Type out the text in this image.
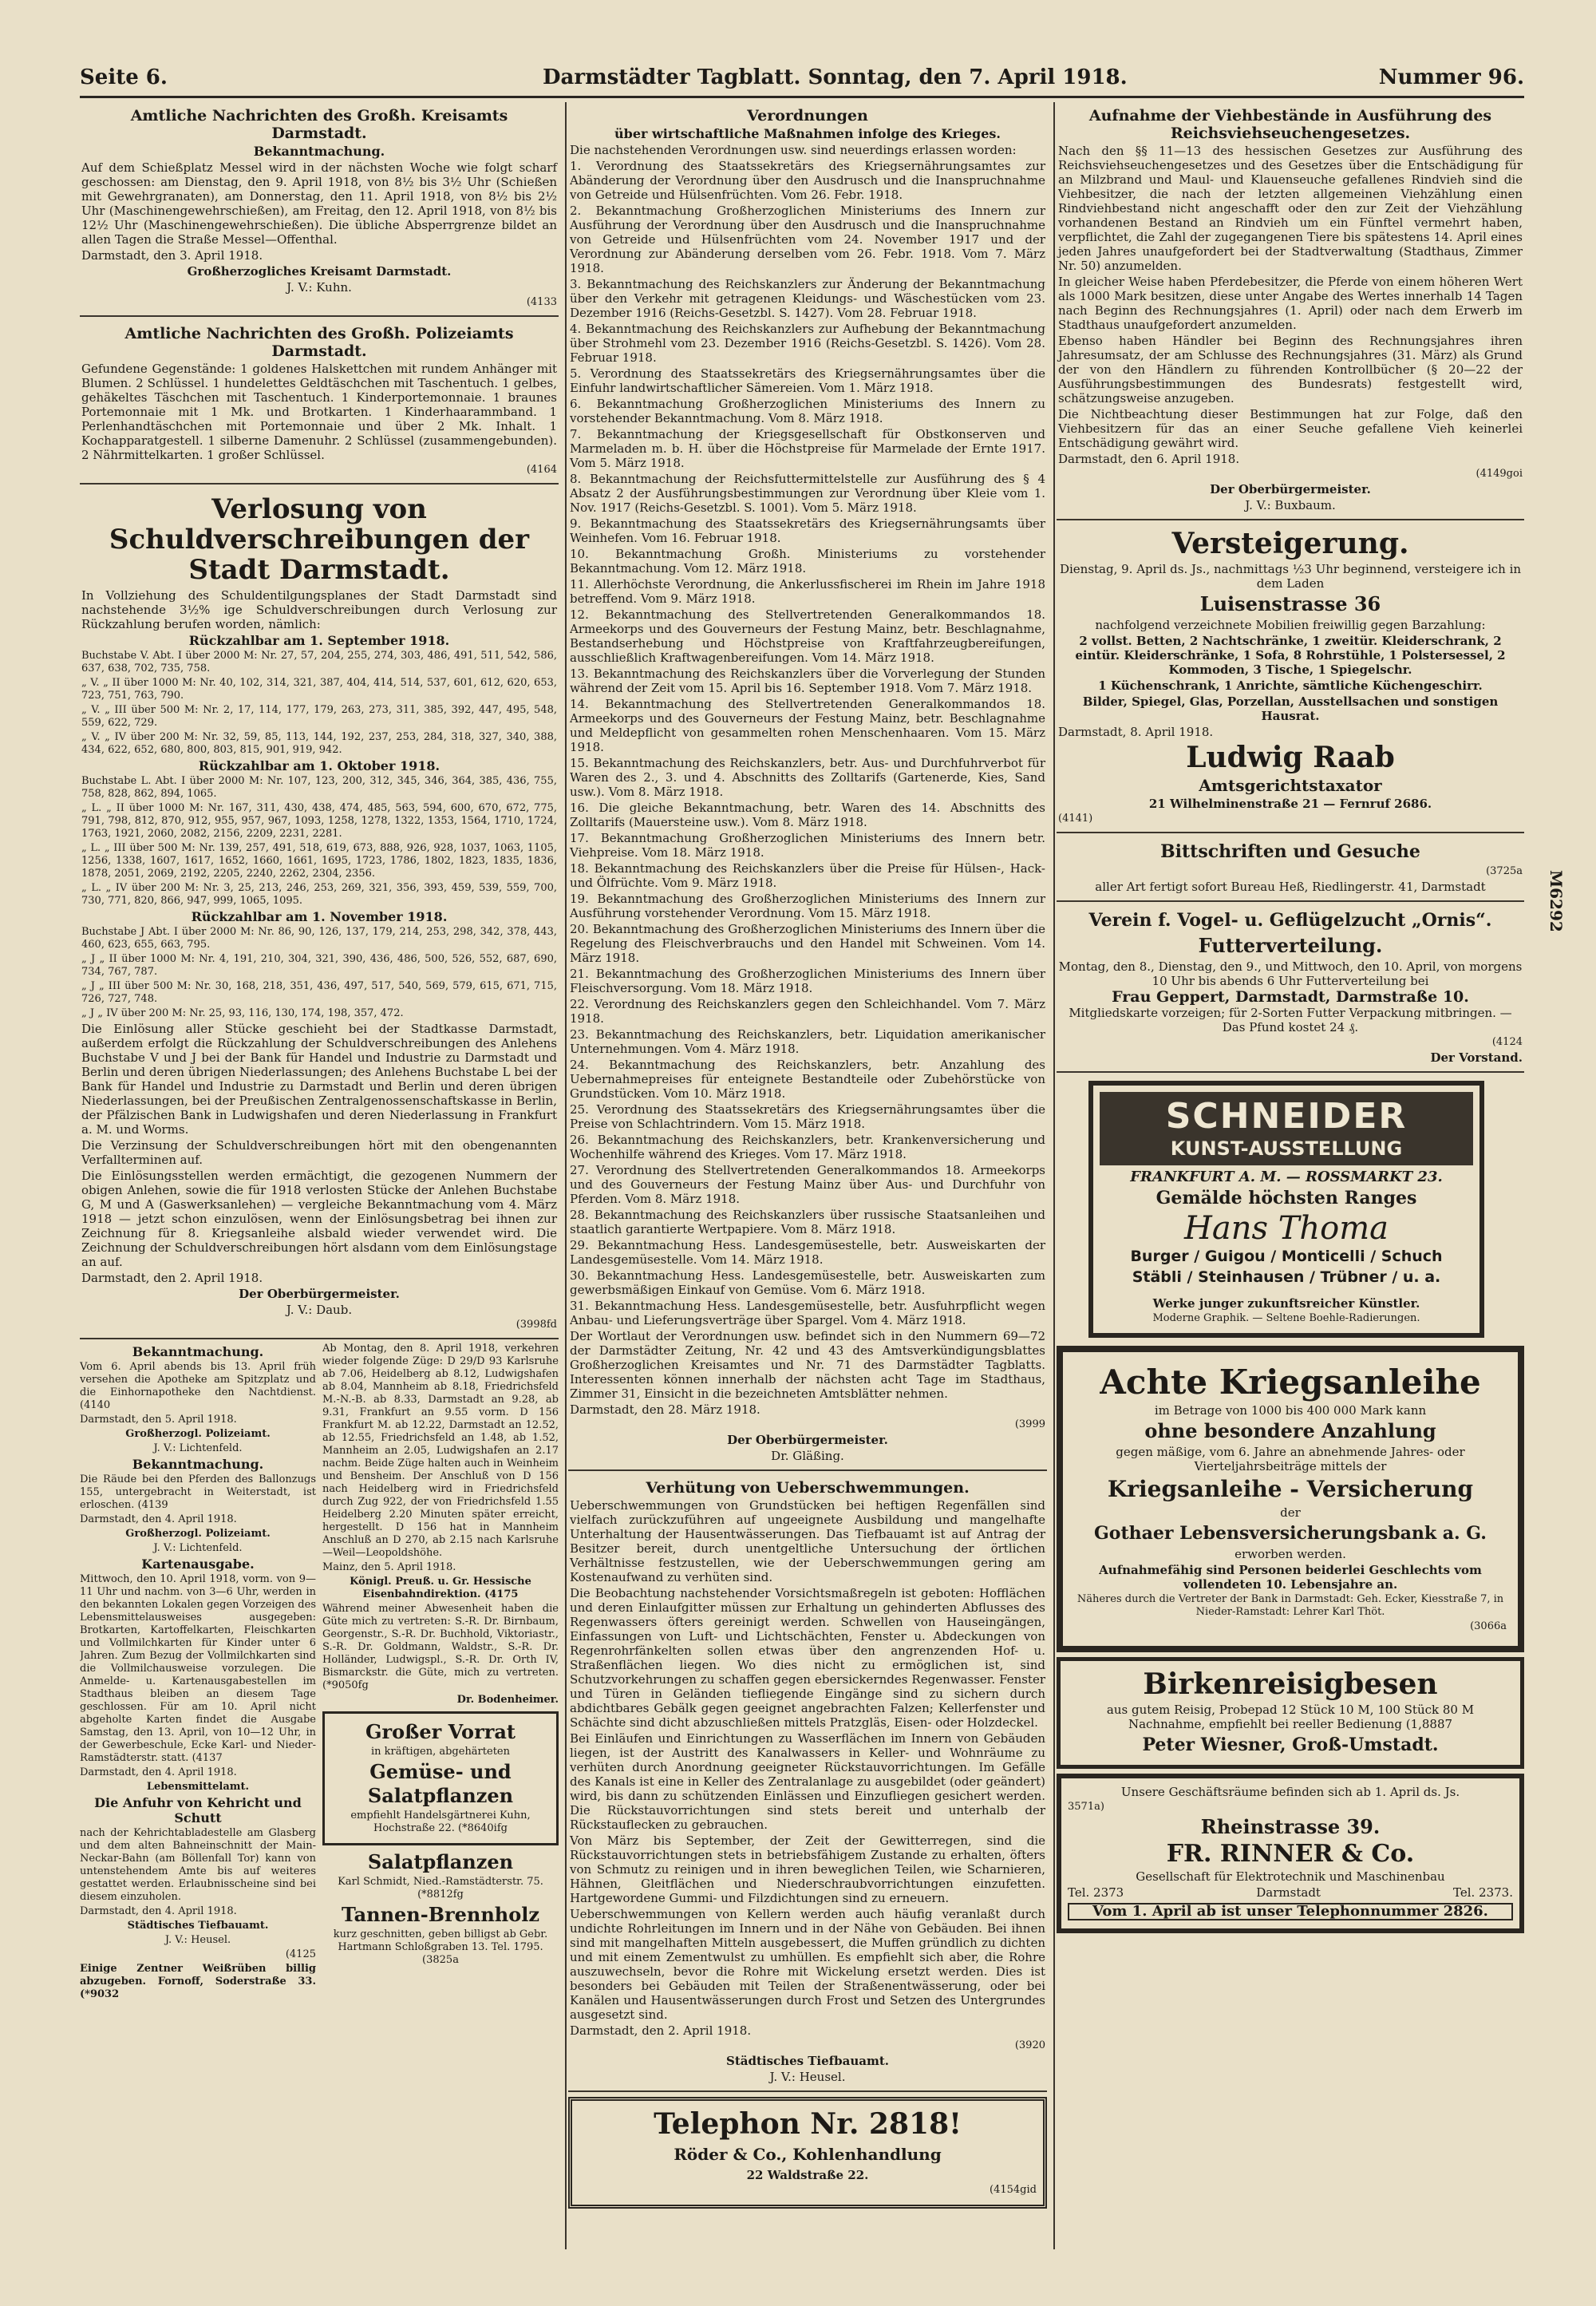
Seite 6.	Darmstädter Tagblatt. Sonntag, den 7. April 1918.	Nummer 96.
Amtliche Nachrichten des Großh. Kreisamts Darmstadt.
Bekanntmachung.

Auf dem Schießplatz Messel wird in der nächsten Woche wie folgt scharf geschossen: am Dienstag, den 9. April 1918, von 8½ bis 3½ Uhr (Schießen mit Gewehrgranaten), am Donnerstag, den 11. April 1918, von 8½ bis 2½ Uhr (Maschinengewehrschießen), am Freitag, den 12. April 1918, von 8½ bis 12½ Uhr (Maschinengewehrschießen). Die übliche Absperrgrenze bildet an allen Tagen die Straße Messel—Offenthal.

Darmstadt, den 3. April 1918.

Großherzogliches Kreisamt Darmstadt.

J. V.: Kuhn.

(4133

Amtliche Nachrichten des Großh. Polizeiamts Darmstadt.

Gefundene Gegenstände: 1 goldenes Halskettchen mit rundem Anhänger mit Blumen. 2 Schlüssel. 1 hundelettes Geldtäschchen mit Taschentuch. 1 gelbes, gehäkeltes Täschchen mit Taschentuch. 1 Kinderportemonnaie. 1 braunes Portemonnaie mit 1 Mk. und Brotkarten. 1 Kinderhaarammband. 1 Perlenhandtäschchen mit Portemonnaie und über 2 Mk. Inhalt. 1 Kochapparatgestell. 1 silberne Damenuhr. 2 Schlüssel (zusammengebunden). 2 Nährmittelkarten. 1 großer Schlüssel.

(4164

Verlosung von Schuldverschreibungen der Stadt Darmstadt.

In Vollziehung des Schuldentilgungsplanes der Stadt Darmstadt sind nachstehende 3½% ige Schuldverschreibungen durch Verlosung zur Rückzahlung berufen worden, nämlich:

Rückzahlbar am 1. September 1918.

Buchstabe V. Abt. I über 2000 M: Nr. 27, 57, 204, 255, 274, 303, 486, 491, 511, 542, 586, 637, 638, 702, 735, 758.

„ V. „ II über 1000 M: Nr. 40, 102, 314, 321, 387, 404, 414, 514, 537, 601, 612, 620, 653, 723, 751, 763, 790.

„ V. „ III über 500 M: Nr. 2, 17, 114, 177, 179, 263, 273, 311, 385, 392, 447, 495, 548, 559, 622, 729.

„ V. „ IV über 200 M: Nr. 32, 59, 85, 113, 144, 192, 237, 253, 284, 318, 327, 340, 388, 434, 622, 652, 680, 800, 803, 815, 901, 919, 942.

Rückzahlbar am 1. Oktober 1918.

Buchstabe L. Abt. I über 2000 M: Nr. 107, 123, 200, 312, 345, 346, 364, 385, 436, 755, 758, 828, 862, 894, 1065.

„ L. „ II über 1000 M: Nr. 167, 311, 430, 438, 474, 485, 563, 594, 600, 670, 672, 775, 791, 798, 812, 870, 912, 955, 957, 967, 1093, 1258, 1278, 1322, 1353, 1564, 1710, 1724, 1763, 1921, 2060, 2082, 2156, 2209, 2231, 2281.

„ L. „ III über 500 M: Nr. 139, 257, 491, 518, 619, 673, 888, 926, 928, 1037, 1063, 1105, 1256, 1338, 1607, 1617, 1652, 1660, 1661, 1695, 1723, 1786, 1802, 1823, 1835, 1836, 1878, 2051, 2069, 2192, 2205, 2240, 2262, 2304, 2356.

„ L. „ IV über 200 M: Nr. 3, 25, 213, 246, 253, 269, 321, 356, 393, 459, 539, 559, 700, 730, 771, 820, 866, 947, 999, 1065, 1095.

Rückzahlbar am 1. November 1918.

Buchstabe J Abt. I über 2000 M: Nr. 86, 90, 126, 137, 179, 214, 253, 298, 342, 378, 443, 460, 623, 655, 663, 795.

„ J „ II über 1000 M: Nr. 4, 191, 210, 304, 321, 390, 436, 486, 500, 526, 552, 687, 690, 734, 767, 787.

„ J „ III über 500 M: Nr. 30, 168, 218, 351, 436, 497, 517, 540, 569, 579, 615, 671, 715, 726, 727, 748.

„ J „ IV über 200 M: Nr. 25, 93, 116, 130, 174, 198, 357, 472.

Die Einlösung aller Stücke geschieht bei der Stadtkasse Darmstadt, außerdem erfolgt die Rückzahlung der Schuldverschreibungen des Anlehens Buchstabe V und J bei der Bank für Handel und Industrie zu Darmstadt und Berlin und deren übrigen Niederlassungen; des Anlehens Buchstabe L bei der Bank für Handel und Industrie zu Darmstadt und Berlin und deren übrigen Niederlassungen, bei der Preußischen Zentralgenossenschaftskasse in Berlin, der Pfälzischen Bank in Ludwigshafen und deren Niederlassung in Frankfurt a. M. und Worms.

Die Verzinsung der Schuldverschreibungen hört mit den obengenannten Verfallterminen auf.

Die Einlösungsstellen werden ermächtigt, die gezogenen Nummern der obigen Anlehen, sowie die für 1918 verlosten Stücke der Anlehen Buchstabe G, M und A (Gaswerksanlehen) — vergleiche Bekanntmachung vom 4. März 1918 — jetzt schon einzulösen, wenn der Einlösungsbetrag bei ihnen zur Zeichnung für 8. Kriegsanleihe alsbald wieder verwendet wird. Die Zeichnung der Schuldverschreibungen hört alsdann vom dem Einlösungstage an auf.

Darmstadt, den 2. April 1918.

Der Oberbürgermeister.

J. V.: Daub.

(3998fd

Bekanntmachung.

Vom 6. April abends bis 13. April früh versehen die Apotheke am Spitzplatz und die Einhornapotheke den Nachtdienst. (4140

Darmstadt, den 5. April 1918.

Großherzogl. Polizeiamt.

J. V.: Lichtenfeld.

Bekanntmachung.

Die Räude bei den Pferden des Ballonzugs 155, untergebracht in Weiterstadt, ist erloschen. (4139

Darmstadt, den 4. April 1918.

Großherzogl. Polizeiamt.

J. V.: Lichtenfeld.

Kartenausgabe.

Mittwoch, den 10. April 1918, vorm. von 9—11 Uhr und nachm. von 3—6 Uhr, werden in den bekannten Lokalen gegen Vorzeigen des Lebensmittelausweises ausgegeben: Brotkarten, Kartoffelkarten, Fleischkarten und Vollmilchkarten für Kinder unter 6 Jahren. Zum Bezug der Vollmilchkarten sind die Vollmilchausweise vorzulegen. Die Anmelde- u. Kartenausgabestellen im Stadthaus bleiben an diesem Tage geschlossen. Für am 10. April nicht abgeholte Karten findet die Ausgabe Samstag, den 13. April, von 10—12 Uhr, in der Gewerbeschule, Ecke Karl- und Nieder-Ramstädterstr. statt. (4137

Darmstadt, den 4. April 1918.

Lebensmittelamt.

Die Anfuhr von Kehricht und Schutt

nach der Kehrichtabladestelle am Glasberg und dem alten Bahneinschnitt der Main-Neckar-Bahn (am Böllenfall Tor) kann von untenstehendem Amte bis auf weiteres gestattet werden. Erlaubnisscheine sind bei diesem einzuholen.

Darmstadt, den 4. April 1918.

Städtisches Tiefbauamt.

J. V.: Heusel.

(4125

Einige Zentner Weißrüben billig abzugeben. Fornoff, Soderstraße 33. (*9032

Ab Montag, den 8. April 1918, verkehren wieder folgende Züge: D 29/D 93 Karlsruhe ab 7.06, Heidelberg ab 8.12, Ludwigshafen ab 8.04, Mannheim ab 8.18, Friedrichsfeld M.-N.-B. ab 8.33, Darmstadt an 9.28, ab 9.31, Frankfurt an 9.55 vorm. D 156 Frankfurt M. ab 12.22, Darmstadt an 12.52, ab 12.55, Friedrichsfeld an 1.48, ab 1.52, Mannheim an 2.05, Ludwigshafen an 2.17 nachm. Beide Züge halten auch in Weinheim und Bensheim. Der Anschluß von D 156 nach Heidelberg wird in Friedrichsfeld durch Zug 922, der von Friedrichsfeld 1.55 Heidelberg 2.20 Minuten später erreicht, hergestellt. D 156 hat in Mannheim Anschluß an D 270, ab 2.15 nach Karlsruhe—Weil—Leopoldshöhe.

Mainz, den 5. April 1918.

Königl. Preuß. u. Gr. Hessische Eisenbahndirektion. (4175

Während meiner Abwesenheit haben die Güte mich zu vertreten: S.-R. Dr. Birnbaum, Georgenstr., S.-R. Dr. Buchhold, Viktoriastr., S.-R. Dr. Goldmann, Waldstr., S.-R. Dr. Holländer, Ludwigspl., S.-R. Dr. Orth IV, Bismarckstr. die Güte, mich zu vertreten. (*9050fg

Dr. Bodenheimer.

Großer Vorrat

in kräftigen, abgehärteten

Gemüse- und Salatpflanzen

empfiehlt Handelsgärtnerei Kuhn, Hochstraße 22. (*8640ifg

Salatpflanzen

Karl Schmidt, Nied.-Ramstädterstr. 75. (*8812fg

Tannen-Brennholz

kurz geschnitten, geben billigst ab Gebr. Hartmann Schloßgraben 13. Tel. 1795. (3825a

Verordnungen
über wirtschaftliche Maßnahmen infolge des Krieges.

Die nachstehenden Verordnungen usw. sind neuerdings erlassen worden:

1. Verordnung des Staatssekretärs des Kriegsernährungsamtes zur Abänderung der Verordnung über den Ausdrusch und die Inanspruchnahme von Getreide und Hülsenfrüchten. Vom 26. Febr. 1918.

2. Bekanntmachung Großherzoglichen Ministeriums des Innern zur Ausführung der Verordnung über den Ausdrusch und die Inanspruchnahme von Getreide und Hülsenfrüchten vom 24. November 1917 und der Verordnung zur Abänderung derselben vom 26. Febr. 1918. Vom 7. März 1918.

3. Bekanntmachung des Reichskanzlers zur Änderung der Bekanntmachung über den Verkehr mit getragenen Kleidungs- und Wäschestücken vom 23. Dezember 1916 (Reichs-Gesetzbl. S. 1427). Vom 28. Februar 1918.

4. Bekanntmachung des Reichskanzlers zur Aufhebung der Bekanntmachung über Strohmehl vom 23. Dezember 1916 (Reichs-Gesetzbl. S. 1426). Vom 28. Februar 1918.

5. Verordnung des Staatssekretärs des Kriegsernährungsamtes über die Einfuhr landwirtschaftlicher Sämereien. Vom 1. März 1918.

6. Bekanntmachung Großherzoglichen Ministeriums des Innern zu vorstehender Bekanntmachung. Vom 8. März 1918.

7. Bekanntmachung der Kriegsgesellschaft für Obstkonserven und Marmeladen m. b. H. über die Höchstpreise für Marmelade der Ernte 1917. Vom 5. März 1918.

8. Bekanntmachung der Reichsfuttermittelstelle zur Ausführung des § 4 Absatz 2 der Ausführungsbestimmungen zur Verordnung über Kleie vom 1. Nov. 1917 (Reichs-Gesetzbl. S. 1001). Vom 5. März 1918.

9. Bekanntmachung des Staatssekretärs des Kriegsernährungsamts über Weinhefen. Vom 16. Februar 1918.

10. Bekanntmachung Großh. Ministeriums zu vorstehender Bekanntmachung. Vom 12. März 1918.

11. Allerhöchste Verordnung, die Ankerlussfischerei im Rhein im Jahre 1918 betreffend. Vom 9. März 1918.

12. Bekanntmachung des Stellvertretenden Generalkommandos 18. Armeekorps und des Gouverneurs der Festung Mainz, betr. Beschlagnahme, Bestandserhebung und Höchstpreise von Kraftfahrzeugbereifungen, ausschließlich Kraftwagenbereifungen. Vom 14. März 1918.

13. Bekanntmachung des Reichskanzlers über die Vorverlegung der Stunden während der Zeit vom 15. April bis 16. September 1918. Vom 7. März 1918.

14. Bekanntmachung des Stellvertretenden Generalkommandos 18. Armeekorps und des Gouverneurs der Festung Mainz, betr. Beschlagnahme und Meldepflicht von gesammelten rohen Menschenhaaren. Vom 15. März 1918.

15. Bekanntmachung des Reichskanzlers, betr. Aus- und Durchfuhrverbot für Waren des 2., 3. und 4. Abschnitts des Zolltarifs (Gartenerde, Kies, Sand usw.). Vom 8. März 1918.

16. Die gleiche Bekanntmachung, betr. Waren des 14. Abschnitts des Zolltarifs (Mauersteine usw.). Vom 8. März 1918.

17. Bekanntmachung Großherzoglichen Ministeriums des Innern betr. Viehpreise. Vom 18. März 1918.

18. Bekanntmachung des Reichskanzlers über die Preise für Hülsen-, Hack- und Ölfrüchte. Vom 9. März 1918.

19. Bekanntmachung des Großherzoglichen Ministeriums des Innern zur Ausführung vorstehender Verordnung. Vom 15. März 1918.

20. Bekanntmachung des Großherzoglichen Ministeriums des Innern über die Regelung des Fleischverbrauchs und den Handel mit Schweinen. Vom 14. März 1918.

21. Bekanntmachung des Großherzoglichen Ministeriums des Innern über Fleischversorgung. Vom 18. März 1918.

22. Verordnung des Reichskanzlers gegen den Schleichhandel. Vom 7. März 1918.

23. Bekanntmachung des Reichskanzlers, betr. Liquidation amerikanischer Unternehmungen. Vom 4. März 1918.

24. Bekanntmachung des Reichskanzlers, betr. Anzahlung des Uebernahmepreises für enteignete Bestandteile oder Zubehörstücke von Grundstücken. Vom 10. März 1918.

25. Verordnung des Staatssekretärs des Kriegsernährungsamtes über die Preise von Schlachtrindern. Vom 15. März 1918.

26. Bekanntmachung des Reichskanzlers, betr. Krankenversicherung und Wochenhilfe während des Krieges. Vom 17. März 1918.

27. Verordnung des Stellvertretenden Generalkommandos 18. Armeekorps und des Gouverneurs der Festung Mainz über Aus- und Durchfuhr von Pferden. Vom 8. März 1918.

28. Bekanntmachung des Reichskanzlers über russische Staatsanleihen und staatlich garantierte Wertpapiere. Vom 8. März 1918.

29. Bekanntmachung Hess. Landesgemüsestelle, betr. Ausweiskarten der Landesgemüsestelle. Vom 14. März 1918.

30. Bekanntmachung Hess. Landesgemüsestelle, betr. Ausweiskarten zum gewerbsmäßigen Einkauf von Gemüse. Vom 6. März 1918.

31. Bekanntmachung Hess. Landesgemüsestelle, betr. Ausfuhrpflicht wegen Anbau- und Lieferungsverträge über Spargel. Vom 4. März 1918.

Der Wortlaut der Verordnungen usw. befindet sich in den Nummern 69—72 der Darmstädter Zeitung, Nr. 42 und 43 des Amtsverkündigungsblattes Großherzoglichen Kreisamtes und Nr. 71 des Darmstädter Tagblatts. Interessenten können innerhalb der nächsten acht Tage im Stadthaus, Zimmer 31, Einsicht in die bezeichneten Amtsblätter nehmen.

Darmstadt, den 28. März 1918.

(3999

Der Oberbürgermeister.

Dr. Gläßing.

Verhütung von Ueberschwemmungen.

Ueberschwemmungen von Grundstücken bei heftigen Regenfällen sind vielfach zurückzuführen auf ungeeignete Ausbildung und mangelhafte Unterhaltung der Hausentwässerungen. Das Tiefbauamt ist auf Antrag der Besitzer bereit, durch unentgeltliche Untersuchung der örtlichen Verhältnisse festzustellen, wie der Ueberschwemmungen gering am Kostenaufwand zu verhüten sind.

Die Beobachtung nachstehender Vorsichtsmaßregeln ist geboten: Hofflächen und deren Einlaufgitter müssen zur Erhaltung un gehinderten Abflusses des Regenwassers öfters gereinigt werden. Schwellen von Hauseingängen, Einfassungen von Luft- und Lichtschächten, Fenster u. Abdeckungen von Regenrohrfänkelten sollen etwas über den angrenzenden Hof- u. Straßenflächen liegen. Wo dies nicht zu ermöglichen ist, sind Schutzvorkehrungen zu schaffen gegen ebersickerndes Regenwasser. Fenster und Türen in Geländen tiefliegende Eingänge sind zu sichern durch abdichtbares Gebälk gegen geeignet angebrachten Falzen; Kellerfenster und Schächte sind dicht abzuschließen mittels Pratzgläs, Eisen- oder Holzdeckel.

Bei Einläufen und Einrichtungen zu Wasserflächen im Innern von Gebäuden liegen, ist der Austritt des Kanalwassers in Keller- und Wohnräume zu verhüten durch Anordnung geeigneter Rückstauvorrichtungen. Im Gefälle des Kanals ist eine in Keller des Zentralanlage zu ausgebildet (oder geändert) wird, bis dann zu schützenden Einlässen und Einzufliegen gesichert werden. Die Rückstauvorrichtungen sind stets bereit und unterhalb der Rückstauflecken zu gebrauchen.

Von März bis September, der Zeit der Gewitterregen, sind die Rückstauvorrichtungen stets in betriebsfähigem Zustande zu erhalten, öfters von Schmutz zu reinigen und in ihren beweglichen Teilen, wie Scharnieren, Hähnen, Gleitflächen und Niederschraubvorrichtungen einzufetten. Hartgewordene Gummi- und Filzdichtungen sind zu erneuern.

Ueberschwemmungen von Kellern werden auch häufig veranlaßt durch undichte Rohrleitungen im Innern und in der Nähe von Gebäuden. Bei ihnen sind mit mangelhaften Mitteln ausgebessert, die Muffen gründlich zu dichten und mit einem Zementwulst zu umhüllen. Es empfiehlt sich aber, die Rohre auszuwechseln, bevor die Rohre mit Wickelung ersetzt werden. Dies ist besonders bei Gebäuden mit Teilen der Straßenentwässerung, oder bei Kanälen und Hausentwässerungen durch Frost und Setzen des Untergrundes ausgesetzt sind.

Darmstadt, den 2. April 1918.

(3920

Städtisches Tiefbauamt.

J. V.: Heusel.

Telephon Nr. 2818!

Röder & Co., Kohlenhandlung

22 Waldstraße 22.

(4154gid

Aufnahme der Viehbestände in Ausführung des Reichsviehseuchengesetzes.

Nach den §§ 11—13 des hessischen Gesetzes zur Ausführung des Reichsviehseuchengesetzes und des Gesetzes über die Entschädigung für an Milzbrand und Maul- und Klauenseuche gefallenes Rindvieh sind die Viehbesitzer, die nach der letzten allgemeinen Viehzählung einen Rindviehbestand nicht angeschafft oder den zur Zeit der Viehzählung vorhandenen Bestand an Rindvieh um ein Fünftel vermehrt haben, verpflichtet, die Zahl der zugegangenen Tiere bis spätestens 14. April eines jeden Jahres unaufgefordert bei der Stadtverwaltung (Stadthaus, Zimmer Nr. 50) anzumelden.

In gleicher Weise haben Pferdebesitzer, die Pferde von einem höheren Wert als 1000 Mark besitzen, diese unter Angabe des Wertes innerhalb 14 Tagen nach Beginn des Rechnungsjahres (1. April) oder nach dem Erwerb im Stadthaus unaufgefordert anzumelden.

Ebenso haben Händler bei Beginn des Rechnungsjahres ihren Jahresumsatz, der am Schlusse des Rechnungsjahres (31. März) als Grund der von den Händlern zu führenden Kontrollbücher (§ 20—22 der Ausführungsbestimmungen des Bundesrats) festgestellt wird, schätzungsweise anzugeben.

Die Nichtbeachtung dieser Bestimmungen hat zur Folge, daß den Viehbesitzern für das an einer Seuche gefallene Vieh keinerlei Entschädigung gewährt wird.

Darmstadt, den 6. April 1918.

(4149goi

Der Oberbürgermeister.

J. V.: Buxbaum.

Versteigerung.

Dienstag, 9. April ds. Js., nachmittags ½3 Uhr beginnend, versteigere ich in dem Laden

Luisenstrasse 36

nachfolgend verzeichnete Mobilien freiwillig gegen Barzahlung:

2 vollst. Betten, 2 Nachtschränke, 1 zweitür. Kleiderschrank, 2 eintür. Kleiderschränke, 1 Sofa, 8 Rohrstühle, 1 Polstersessel, 2 Kommoden, 3 Tische, 1 Spiegelschr.

1 Küchenschrank, 1 Anrichte, sämtliche Küchengeschirr.

Bilder, Spiegel, Glas, Porzellan, Ausstellsachen und sonstigen Hausrat.

Darmstadt, 8. April 1918.

Ludwig Raab

Amtsgerichtstaxator

21 Wilhelminenstraße 21 — Fernruf 2686.

(4141)

Bittschriften und Gesuche

(3725a

aller Art fertigt sofort Bureau Heß, Riedlingerstr. 41, Darmstadt

Verein f. Vogel- u. Geflügelzucht „Ornis“.

Futterverteilung.

Montag, den 8., Dienstag, den 9., und Mittwoch, den 10. April, von morgens 10 Uhr bis abends 6 Uhr Futterverteilung bei

Frau Geppert, Darmstadt, Darmstraße 10.

Mitgliedskarte vorzeigen; für 2-Sorten Futter Verpackung mitbringen. — Das Pfund kostet 24 ₰.

(4124

Der Vorstand.

SCHNEIDER
KUNST-AUSSTELLUNG

FRANKFURT A. M. — ROSSMARKT 23.

Gemälde höchsten Ranges

Hans Thoma

Burger / Guigou / Monticelli / Schuch

Stäbli / Steinhausen / Trübner / u. a.

Werke junger zukunftsreicher Künstler.

Moderne Graphik. — Seltene Boehle-Radierungen.

Achte Kriegsanleihe

im Betrage von 1000 bis 400 000 Mark kann

ohne besondere Anzahlung

gegen mäßige, vom 6. Jahre an abnehmende Jahres- oder Vierteljahrsbeiträge mittels der

Kriegsanleihe - Versicherung

der

Gothaer Lebensversicherungsbank a. G.

erworben werden.

Aufnahmefähig sind Personen beiderlei Geschlechts vom vollendeten 10. Lebensjahre an.

Näheres durch die Vertreter der Bank in Darmstadt: Geh. Ecker, Kiesstraße 7, in Nieder-Ramstadt: Lehrer Karl Thöt.

(3066a

Birkenreisigbesen

aus gutem Reisig, Probepad 12 Stück 10 M, 100 Stück 80 M Nachnahme, empfiehlt bei reeller Bedienung (1,8887

Peter Wiesner, Groß-Umstadt.

Unsere Geschäftsräume befinden sich ab 1. April ds. Js.

3571a)

Rheinstrasse 39.

FR. RINNER & Co.

Gesellschaft für Elektrotechnik und Maschinenbau

Tel. 2373	Darmstadt	Tel. 2373.

Vom 1. April ab ist unser Telephonnummer 2826.

M6292
